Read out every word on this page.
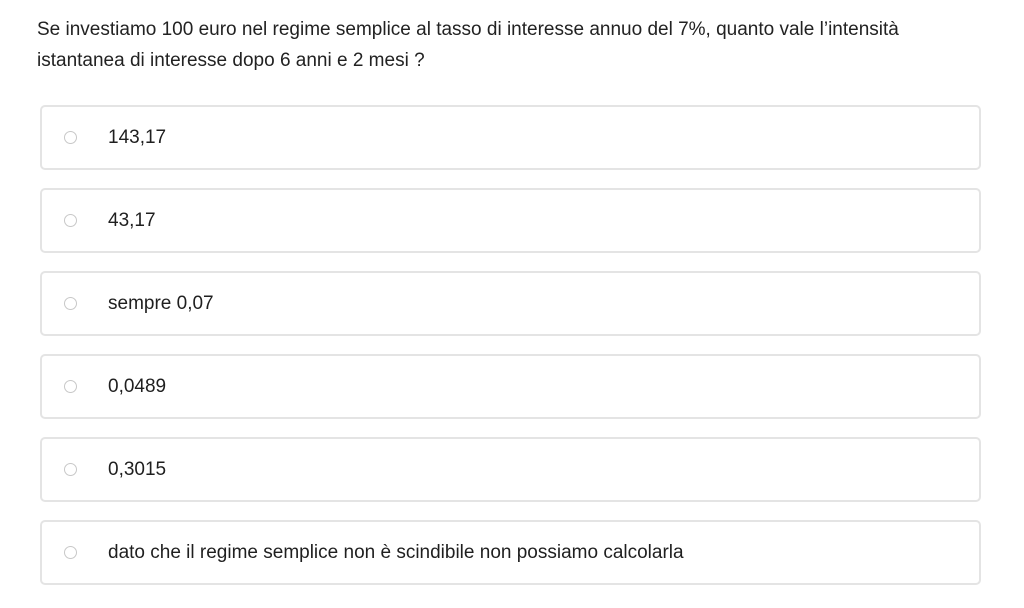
Se investiamo 100 euro nel regime semplice al tasso di interesse annuo del 7%, quanto vale l’intensità istantanea di interesse dopo 6 anni e 2 mesi ?
143,17
43,17
sempre 0,07
0,0489
0,3015
dato che il regime semplice non è scindibile non possiamo calcolarla
